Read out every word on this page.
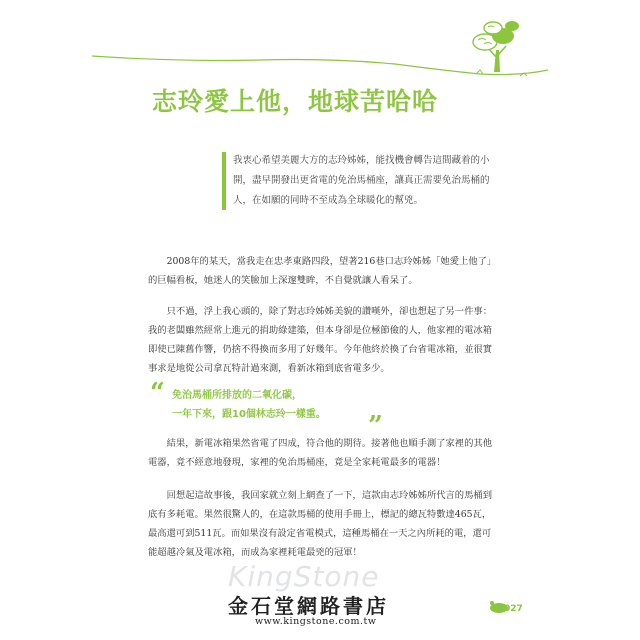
志玲愛上他，地球苦哈哈

我衷心希望美麗大方的志玲姊姊，能找機會轉告這間藏着的小開，盡早開發出更省電的免治馬桶座，讓真正需要免治馬桶的人，在如願的同時不至成為全球暖化的幫兇。

2008年的某天，當我走在忠孝東路四段，望著216巷口志玲姊姊「她愛上他了」的巨幅看板，她迷人的笑臉加上深邃雙眸，不自覺就讓人看呆了。

只不過，浮上我心頭的，除了對志玲姊姊美貌的讚嘆外，卻也想起了另一件事：我的老闆雖然經常上進元的捐助綠建築，但本身卻是位極節儉的人，他家裡的電冰箱即使已陳舊作響，仍捨不得換而多用了好幾年。今年他終於換了台省電冰箱，並很實事求是地從公司拿瓦特計過來測，看新冰箱到底省電多少。

“ 免治馬桶所排放的二氧化碳，

一年下來，跟10個林志玲一樣重。	”

結果，新電冰箱果然省電了四成，符合他的期待。接著他也順手測了家裡的其他電器，竟不經意地發現，家裡的免治馬桶座，竟是全家耗電最多的電器！

回想起這故事後，我回家就立刻上網查了一下，這款由志玲姊姊所代言的馬桶到底有多耗電。果然很驚人的，在這款馬桶的使用手冊上，標記的總瓦特數達465瓦，最高還可到511瓦。而如果沒有設定省電模式，這種馬桶在一天之內所耗的電，還可能超越冷氣及電冰箱，而成為家裡耗電最兇的冠軍！

KingStone
金石堂網路書店
www.kingstone.com.tw
027
